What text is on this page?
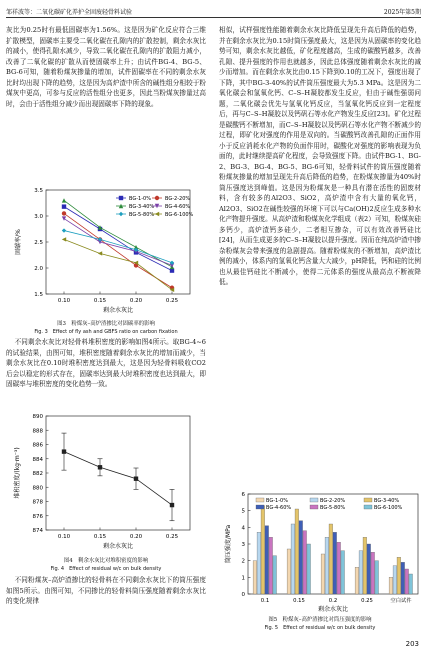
邹祥波等：二氧化碳矿化养护全固废轻骨料试验	2025年第5期

灰比为0.25时有最低固碳率为1.56%。这是因为矿化反应符合三维扩散模型，固碳率主要受二氧化碳在孔隙内的扩散控制，剩余水灰比的减小，使得孔隙水减少，导致二氧化碳在孔隙内的扩散阻力减小，改善了二氧化碳的扩散从而使固碳率上升；由试件BG-4、BG-5、BG-6可知，随着粉煤灰掺量的增加，试件固碳率在不同的剩余水灰比时均出现下降的趋势，这是因为高炉渣中所含的碱性组分相较于粉煤灰中更高，可参与反应的活性组分也更多，因此当粉煤灰掺量过高时，会由于活性组分减少而出现固碳率下降的现象。

1.5
2.0
2.5
3.0
3.5
0.10	0.15	0.20	0.25
剩余水灰比
固碳率/%
BG-1-0%	BG-2-20%
BG-3-40% BG-4-60%
BG-5-80% BG-6-100%
图3　粉煤灰–高炉渣掺比对固碳率的影响
Fig. 3　Effect of fly ash and GBFS ratio on carbon fixation

不同剩余水灰比对轻骨料堆积密度的影响如图4所示。取BG-4~6的试验结果，由图可知，堆积密度随着剩余水灰比的增加而减少，当剩余水灰比在0.10时堆积密度达到最大，这是因为轻骨料吸收CO2后会以稳定的形式存在，固碳率达到最大时堆积密度也达到最大，即固碳率与堆积密度的变化趋势一致。

874
876
878
880
882
884
886
888
890
0.10	0.15	0.20	0.25
剩余水灰比
堆积密度/(kg·m⁻³)
图4　剩余水灰比对堆积密度的影响
Fig. 4　Effect of residual w/c on bulk density

不同粉煤灰–高炉渣掺比的轻骨料在不同剩余水灰比下的筒压强度如图5所示。由图可知，不同掺比的轻骨料筒压强度随着剩余水灰比的变化规律

相似，试样强度性能随着剩余水灰比降低呈现先升高后降低的趋势，并在剩余水灰比为0.15时筒压强度最大，这是因为从固碳率的变化趋势可知，剩余水灰比越低，矿化程度越高，生成的碳酸钙越多，改善孔隙、提升强度的作用也就越多，因此总体强度随着剩余水灰比的减少而增加。而在剩余水灰比由0.15下降到0.10的工况下，强度出现了下降，其中BG-3-40%的试件筒压强度最大为5.3 MPa。这是因为二氧化碳会和氢氧化钙、C–S–H凝胶都发生反应，但由于碱性强弱问题，二氧化碳会优先与氢氧化钙反应，当氢氧化钙反应到一定程度后，再与C–S–H凝胶以及钙矾石等水化产物发生反应[23]。矿化过程是碳酸钙不断增加，而C–S–H凝胶以及钙矾石等水化产物不断减少的过程，即矿化对强度的作用是双向的。当碳酸钙改善孔隙的正面作用小于反应消耗水化产物的负面作用时，碳酸化对强度的影响表现为负面的，此时继续提高矿化程度，会导致强度下降。由试件BG-1、BG-2、BG-3、BG-4、BG-5、BG-6可知，轻骨料试件的筒压强度随着粉煤灰掺量的增加呈现先升高后降低的趋势，在粉煤灰掺量为40%时筒压强度达到峰值。这是因为粉煤灰是一种具有潜在活性的固废材料，含有较多的Al2O3、SiO2，高炉渣中含有大量的氧化钙，Al2O3、SiO2在碱性较强的环境下可以与Ca(OH)2反应生成多种水化产物提升强度。从高炉渣和粉煤灰化学组成（表2）可知，粉煤灰硅多钙少，高炉渣钙多硅少，二者相互掺杂，可以有效改善钙硅比[24]，从而生成更多的C–S–H凝胶以提升强度。因而在纯高炉渣中掺杂粉煤灰会带来强度的急剧提高。随着粉煤灰的不断增加，高炉渣比例的减小，体系内的氢氧化钙含量大大减少，pH降低，钙和硅的比例也从最佳钙硅比不断减小，使得二元体系的强度从最高点不断被降低。

0
1
2
3
4
5
6
0.1	0.15	0.2	0.25	空白试件
剩余水灰比
筒压强度/MPa
BG-1-0%	BG-2-20%	BG-3-40%
BG-4-60%	BG-5-80%	BG-6-100%
图5　粉煤灰–高炉渣掺比对筒压强度的影响
Fig. 5　Effect of residual w/c on bulk density
203
